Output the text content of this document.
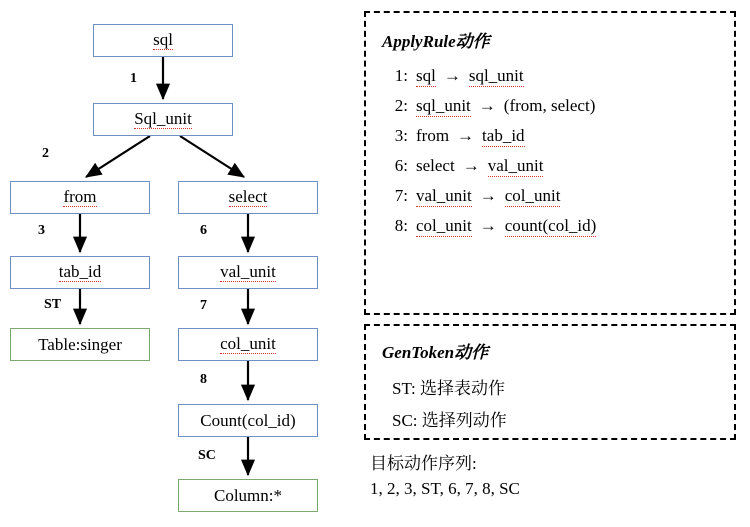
sql
Sql_unit
from	select
tab_id	val_unit
Table:singer	col_unit
Count(col_id)
Column:*
1
2
6
3
ST	7
8
SC
ApplyRule动作
1: sql → sql_unit
2: sql_unit → (from, select)
3: from → tab_id
6: select → val_unit
7: val_unit → col_unit
8: col_unit → count(col_id)
GenToken动作
ST: 选择表动作
SC: 选择列动作
目标动作序列:
1, 2, 3, ST, 6, 7, 8, SC
